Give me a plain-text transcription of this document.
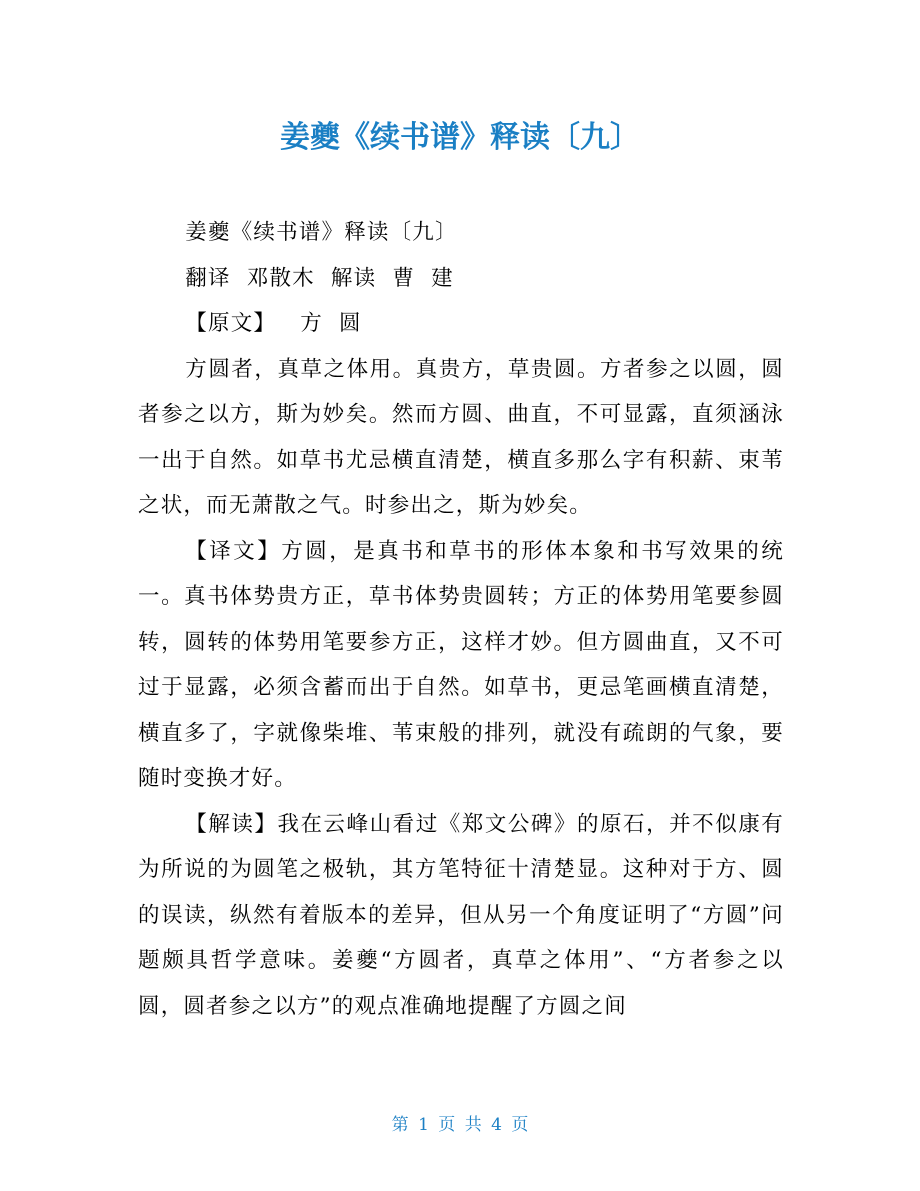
姜夔《续书谱》释读〔九〕

姜夔《续书谱》释读〔九〕

翻译  邓散木  解读  曹  建

【原文】   方  圆

方圆者，真草之体用。真贵方，草贵圆。方者参之以圆，圆者参之以方，斯为妙矣。然而方圆、曲直，不可显露，直须涵泳一出于自然。如草书尤忌横直清楚，横直多那么字有积薪、束苇之状，而无萧散之气。时参出之，斯为妙矣。

【译文】方圆，是真书和草书的形体本象和书写效果的统一。真书体势贵方正，草书体势贵圆转；方正的体势用笔要参圆转，圆转的体势用笔要参方正，这样才妙。但方圆曲直，又不可过于显露，必须含蓄而出于自然。如草书，更忌笔画横直清楚，横直多了，字就像柴堆、苇束般的排列，就没有疏朗的气象，要随时变换才好。

【解读】我在云峰山看过《郑文公碑》的原石，并不似康有为所说的为圆笔之极轨，其方笔特征十清楚显。这种对于方、圆的误读，纵然有着版本的差异，但从另一个角度证明了“方圆”问题颇具哲学意味。姜夔“方圆者，真草之体用”、“方者参之以圆，圆者参之以方”的观点准确地提醒了方圆之间

第 1 页 共 4 页
